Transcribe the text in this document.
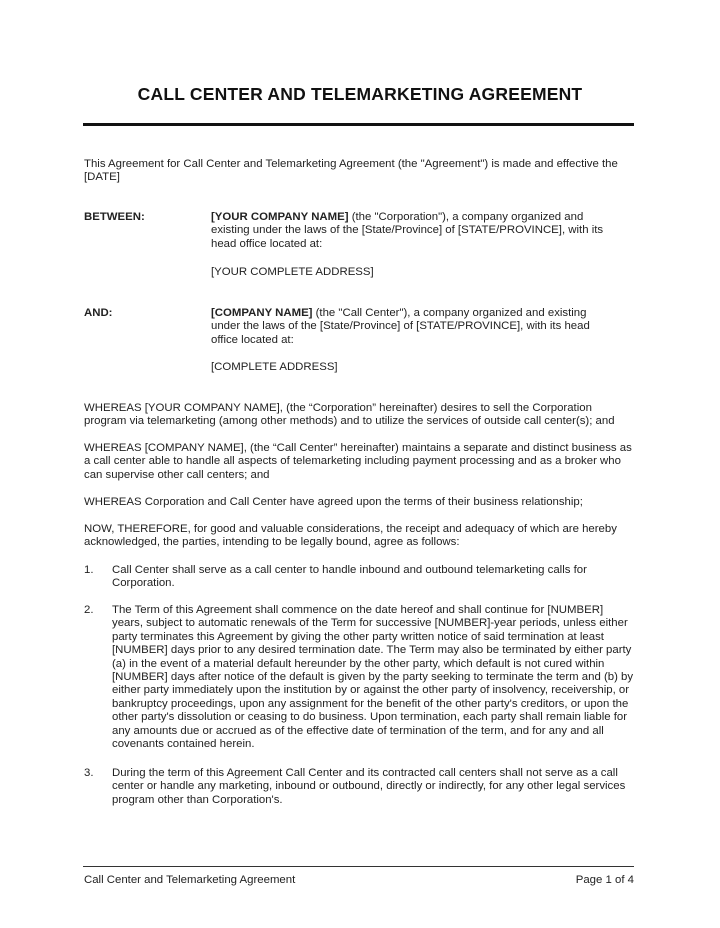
CALL CENTER AND TELEMARKETING AGREEMENT
This Agreement for Call Center and Telemarketing Agreement (the "Agreement") is made and effective the [DATE]
BETWEEN:	[YOUR COMPANY NAME] (the "Corporation"), a company organized and existing under the laws of the [State/Province] of [STATE/PROVINCE], with its head office located at:
[YOUR COMPLETE ADDRESS]
AND:	[COMPANY NAME] (the "Call Center"), a company organized and existing under the laws of the [State/Province] of [STATE/PROVINCE], with its head office located at:
[COMPLETE ADDRESS]
WHEREAS [YOUR COMPANY NAME], (the “Corporation” hereinafter) desires to sell the Corporation program via telemarketing (among other methods) and to utilize the services of outside call center(s); and
WHEREAS [COMPANY NAME], (the “Call Center” hereinafter) maintains a separate and distinct business as a call center able to handle all aspects of telemarketing including payment processing and as a broker who can supervise other call centers; and
WHEREAS Corporation and Call Center have agreed upon the terms of their business relationship;
NOW, THEREFORE, for good and valuable considerations, the receipt and adequacy of which are hereby acknowledged, the parties, intending to be legally bound, agree as follows:
1. Call Center shall serve as a call center to handle inbound and outbound telemarketing calls for Corporation.
2. The Term of this Agreement shall commence on the date hereof and shall continue for [NUMBER] years, subject to automatic renewals of the Term for successive [NUMBER]-year periods, unless either party terminates this Agreement by giving the other party written notice of said termination at least [NUMBER] days prior to any desired termination date. The Term may also be terminated by either party (a) in the event of a material default hereunder by the other party, which default is not cured within [NUMBER] days after notice of the default is given by the party seeking to terminate the term and (b) by either party immediately upon the institution by or against the other party of insolvency, receivership, or bankruptcy proceedings, upon any assignment for the benefit of the other party's creditors, or upon the other party's dissolution or ceasing to do business. Upon termination, each party shall remain liable for any amounts due or accrued as of the effective date of termination of the term, and for any and all covenants contained herein.
3. During the term of this Agreement Call Center and its contracted call centers shall not serve as a call center or handle any marketing, inbound or outbound, directly or indirectly, for any other legal services program other than Corporation's.
Call Center and Telemarketing Agreement	Page 1 of 4
